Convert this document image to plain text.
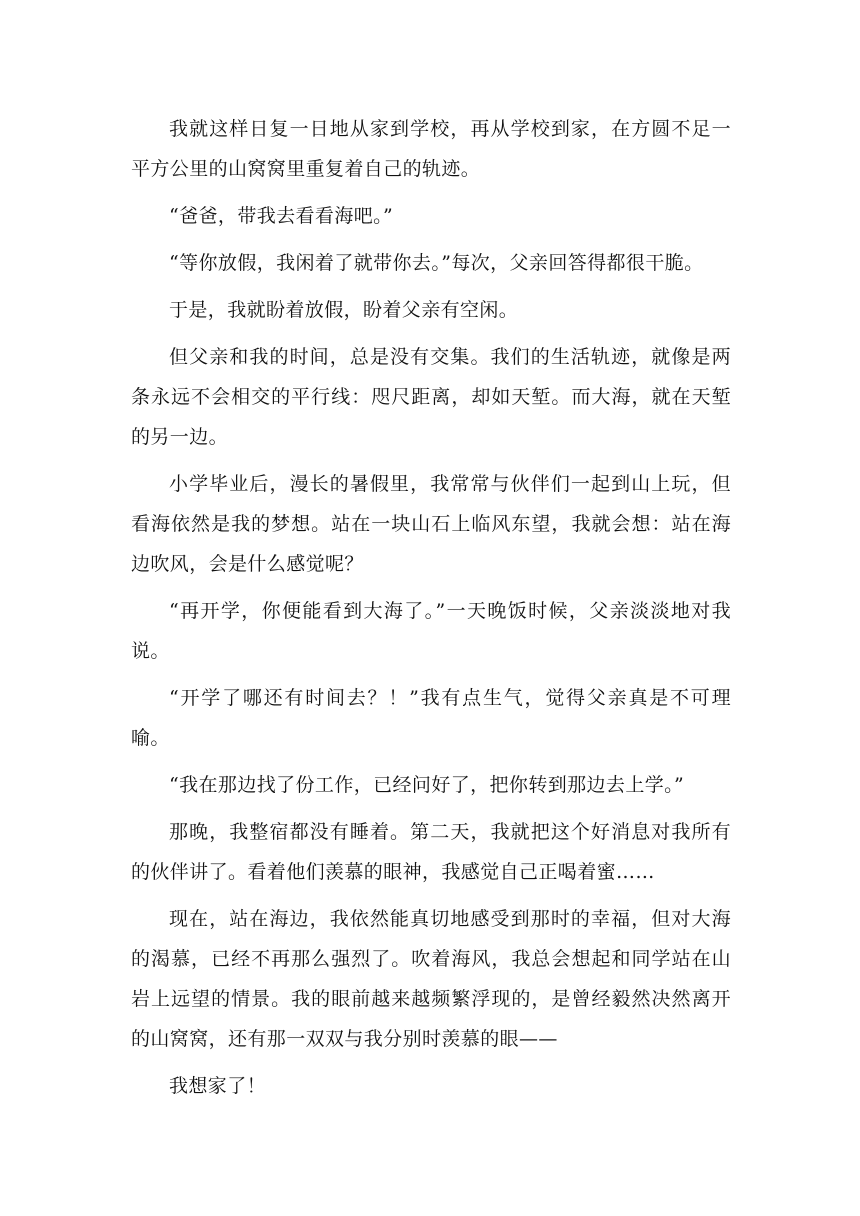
我就这样日复一日地从家到学校，再从学校到家，在方圆不足一平方公里的山窝窝里重复着自己的轨迹。

“爸爸，带我去看看海吧。”

“等你放假，我闲着了就带你去。”每次，父亲回答得都很干脆。

于是，我就盼着放假，盼着父亲有空闲。

但父亲和我的时间，总是没有交集。我们的生活轨迹，就像是两条永远不会相交的平行线：咫尺距离，却如天堑。而大海，就在天堑的另一边。

小学毕业后，漫长的暑假里，我常常与伙伴们一起到山上玩，但看海依然是我的梦想。站在一块山石上临风东望，我就会想：站在海边吹风，会是什么感觉呢？

“再开学，你便能看到大海了。”一天晚饭时候，父亲淡淡地对我说。

“开学了哪还有时间去？！”我有点生气，觉得父亲真是不可理喻。

“我在那边找了份工作，已经问好了，把你转到那边去上学。”

那晚，我整宿都没有睡着。第二天，我就把这个好消息对我所有的伙伴讲了。看着他们羡慕的眼神，我感觉自己正喝着蜜……

现在，站在海边，我依然能真切地感受到那时的幸福，但对大海的渴慕，已经不再那么强烈了。吹着海风，我总会想起和同学站在山岩上远望的情景。我的眼前越来越频繁浮现的，是曾经毅然决然离开的山窝窝，还有那一双双与我分别时羡慕的眼——

我想家了！
